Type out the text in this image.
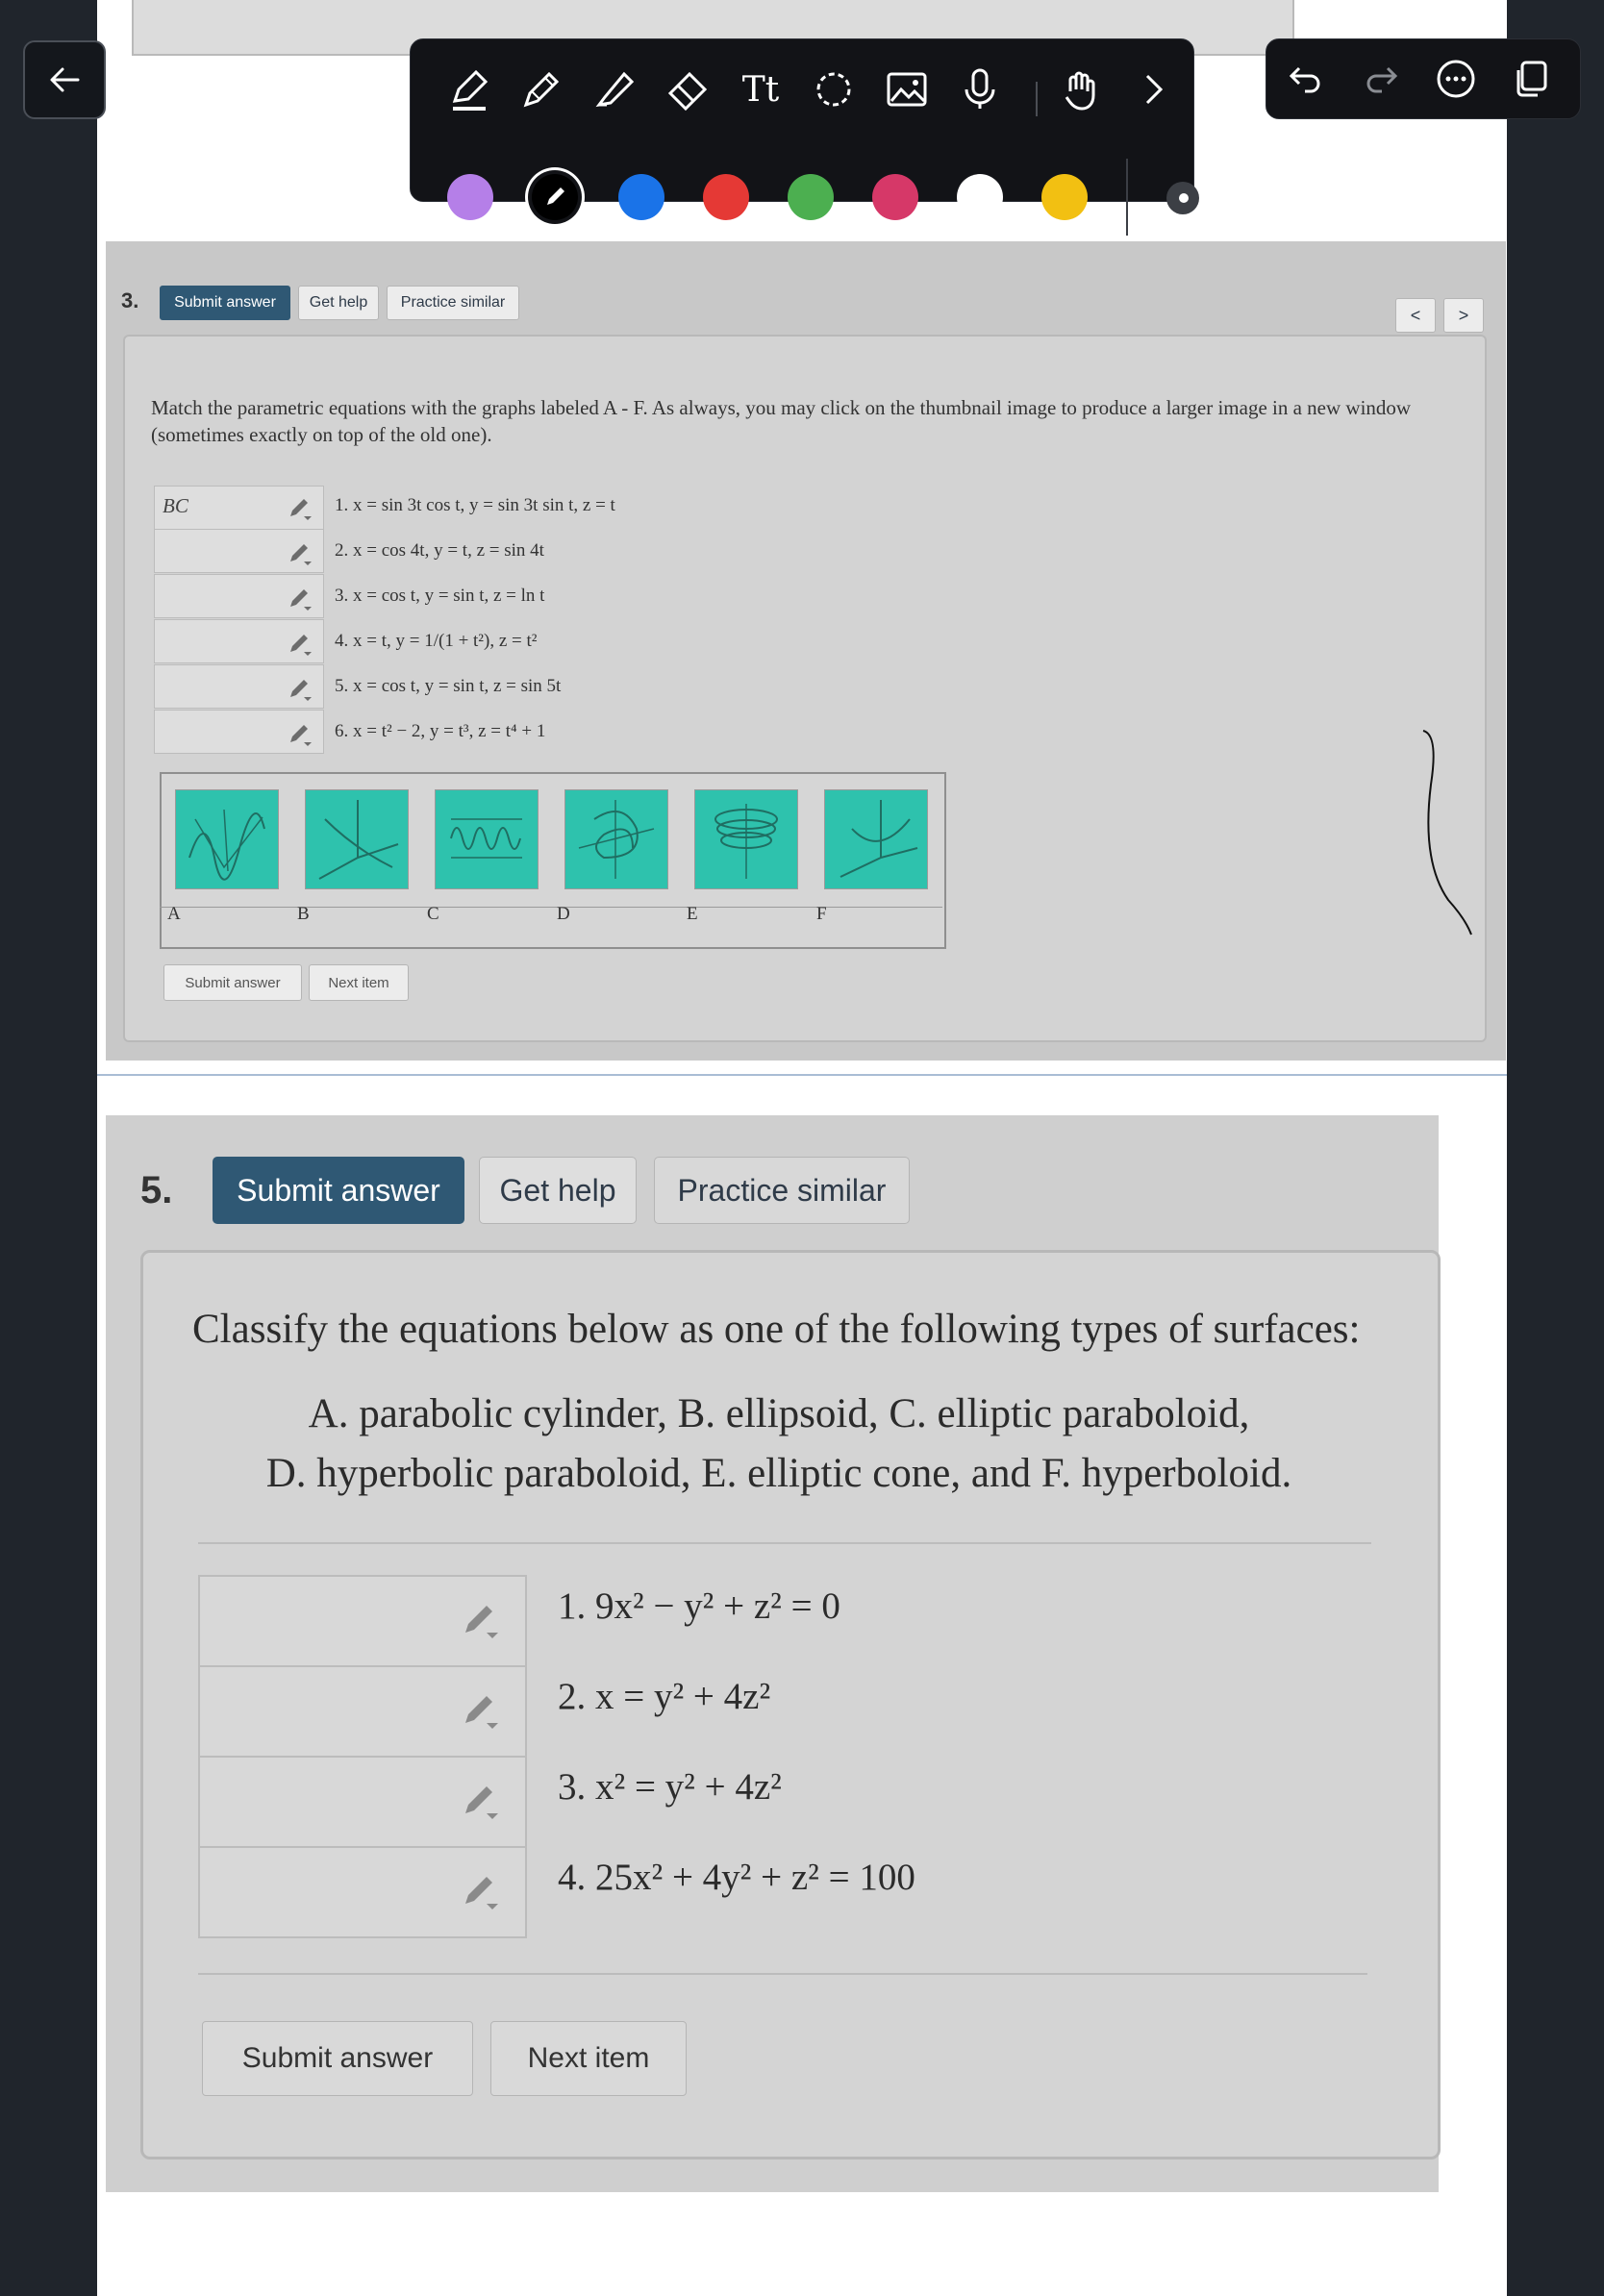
Tt
3.	Submit answer	Get help	Practice similar
<	>
Match the parametric equations with the graphs labeled A - F. As always, you may click on the thumbnail image to produce a larger image in a new window (sometimes exactly on top of the old one).
BC	1. x = sin 3t cos t, y = sin 3t sin t, z = t
2. x = cos 4t, y = t, z = sin 4t
3. x = cos t, y = sin t, z = ln t
4. x = t, y = 1/(1 + t²), z = t²
5. x = cos t, y = sin t, z = sin 5t
6. x = t² − 2, y = t³, z = t⁴ + 1
A	B	C	D	E	F
Submit answer	Next item
5.	Submit answer	Get help	Practice similar
Classify the equations below as one of the following types of surfaces:
A. parabolic cylinder, B. ellipsoid, C. elliptic paraboloid,
D. hyperbolic paraboloid, E. elliptic cone, and F. hyperboloid.
1. 9x² − y² + z² = 0
2. x = y² + 4z²
3. x² = y² + 4z²
4. 25x² + 4y² + z² = 100
Submit answer	Next item
